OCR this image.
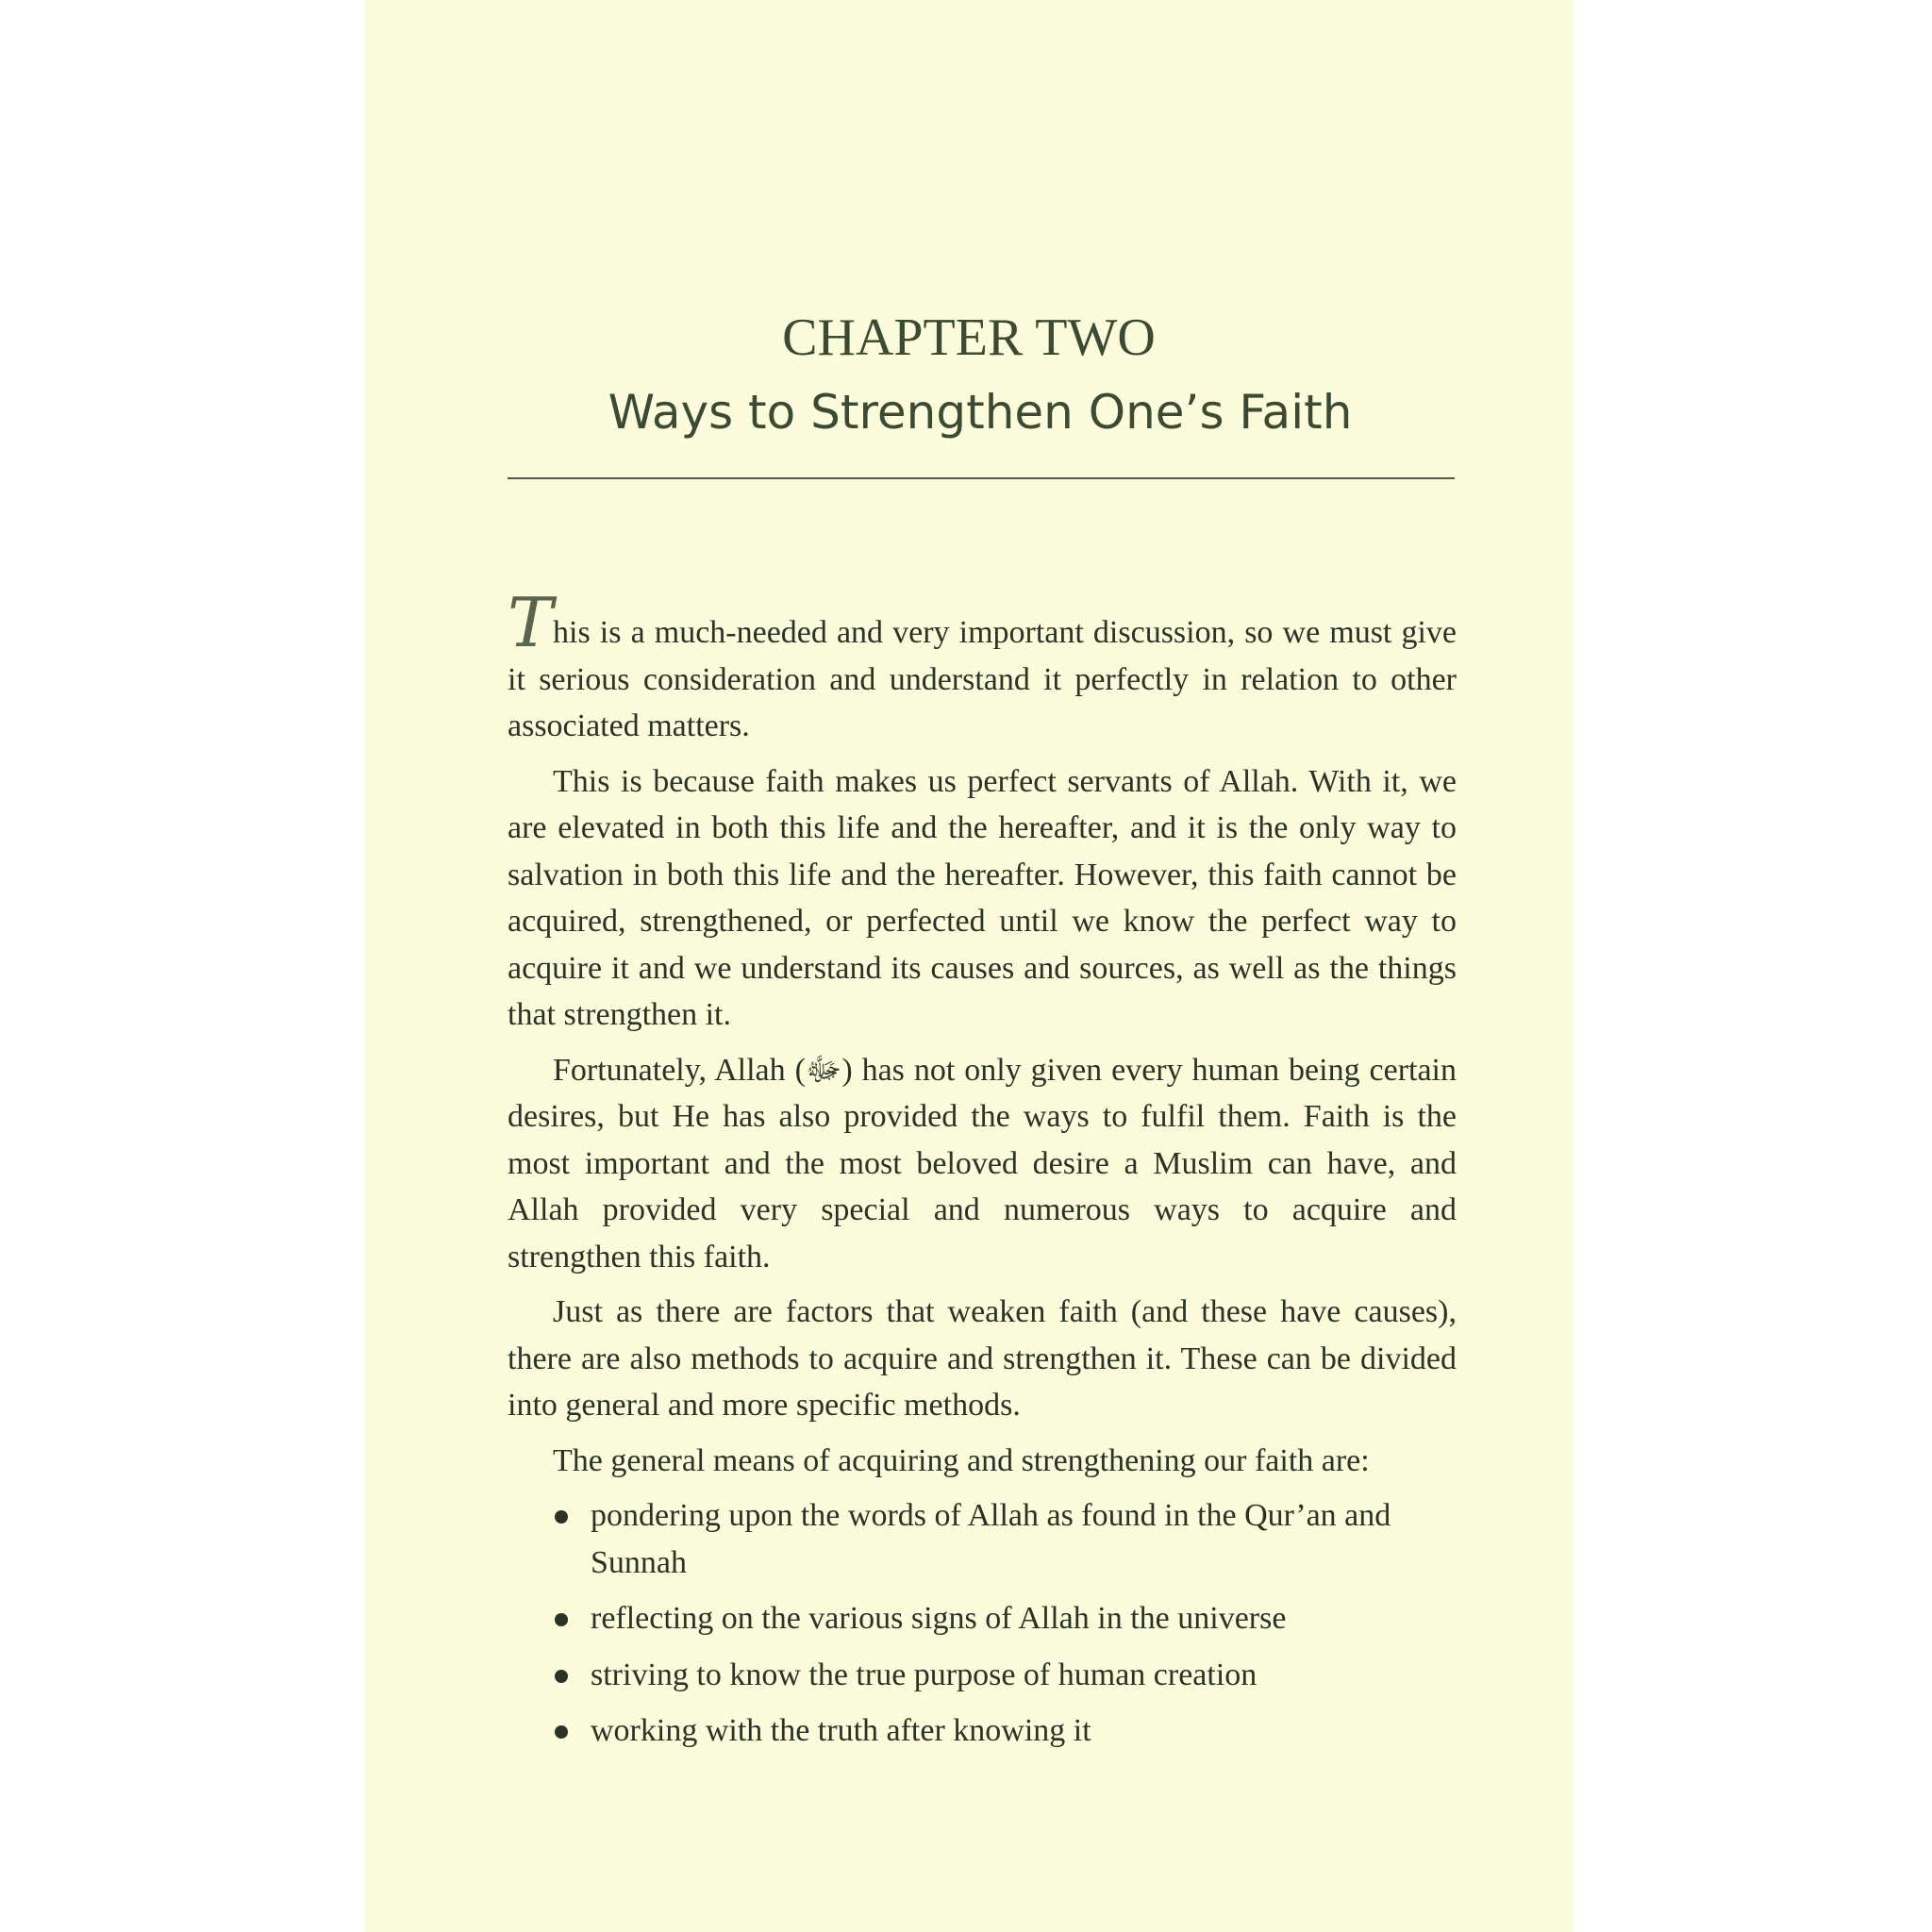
CHAPTER TWO
Ways to Strengthen One’s Faith

This is a much-needed and very important discussion, so we must give it serious consideration and understand it perfectly in relation to other associated matters.

This is because faith makes us perfect servants of Allah. With it, we are elevated in both this life and the hereafter, and it is the only way to salvation in both this life and the hereafter. However, this faith cannot be acquired, strengthened, or perfected until we know the perfect way to acquire it and we understand its causes and sources, as well as the things that strengthen it.

Fortunately, Allah (ﷻ) has not only given every human being certain desires, but He has also provided the ways to fulfil them. Faith is the most important and the most beloved desire a Muslim can have, and Allah provided very special and numerous ways to acquire and strengthen this faith.

Just as there are factors that weaken faith (and these have causes), there are also methods to acquire and strengthen it. These can be divided into general and more specific methods.

The general means of acquiring and strengthening our faith are:

pondering upon the words of Allah as found in the Qur’an and Sunnah
reflecting on the various signs of Allah in the universe
striving to know the true purpose of human creation
working with the truth after knowing it
